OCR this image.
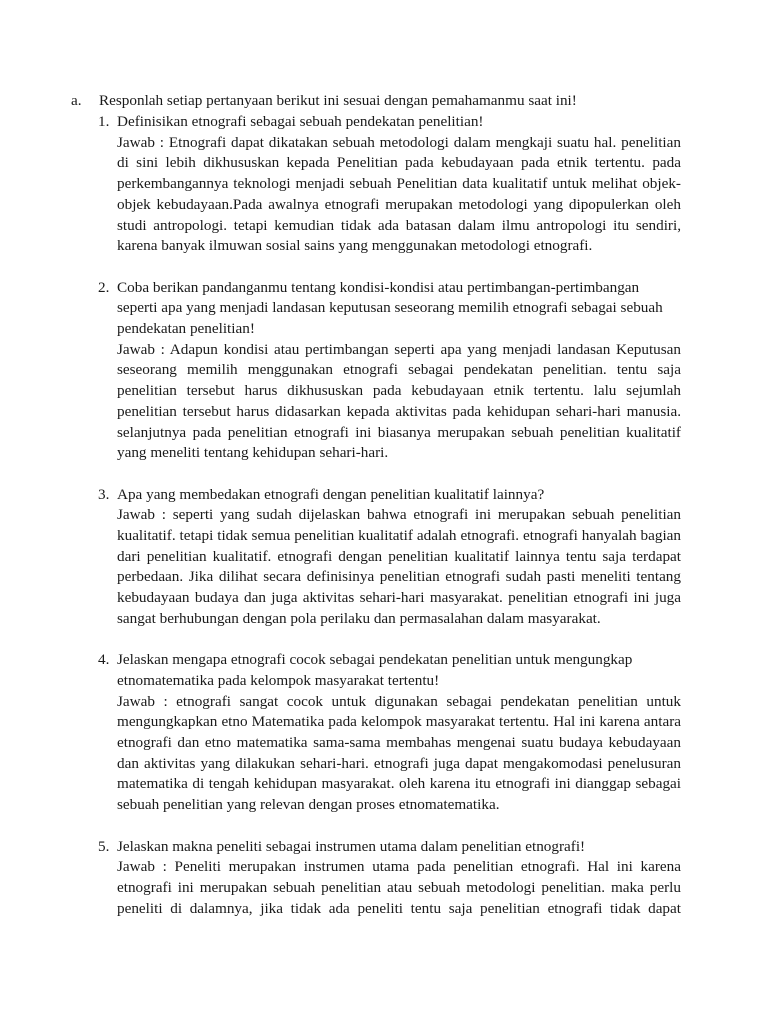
a. Responlah setiap pertanyaan berikut ini sesuai dengan pemahamanmu saat ini!
1. Definisikan etnografi sebagai sebuah pendekatan penelitian!
Jawab : Etnografi dapat dikatakan sebuah metodologi dalam mengkaji suatu hal. penelitian di sini lebih dikhususkan kepada Penelitian pada kebudayaan pada etnik tertentu. pada perkembangannya teknologi menjadi sebuah Penelitian data kualitatif untuk melihat objek-objek kebudayaan.Pada awalnya etnografi merupakan metodologi yang dipopulerkan oleh studi antropologi. tetapi kemudian tidak ada batasan dalam ilmu antropologi itu sendiri, karena banyak ilmuwan sosial sains yang menggunakan metodologi etnografi.
2. Coba berikan pandanganmu tentang kondisi-kondisi atau pertimbangan-pertimbangan seperti apa yang menjadi landasan keputusan seseorang memilih etnografi sebagai sebuah pendekatan penelitian!
Jawab : Adapun kondisi atau pertimbangan seperti apa yang menjadi landasan Keputusan seseorang memilih menggunakan etnografi sebagai pendekatan penelitian. tentu saja penelitian tersebut harus dikhususkan pada kebudayaan etnik tertentu. lalu sejumlah penelitian tersebut harus didasarkan kepada aktivitas pada kehidupan sehari-hari manusia. selanjutnya pada penelitian etnografi ini biasanya merupakan sebuah penelitian kualitatif yang meneliti tentang kehidupan sehari-hari.
3. Apa yang membedakan etnografi dengan penelitian kualitatif lainnya?
Jawab : seperti yang sudah dijelaskan bahwa etnografi ini merupakan sebuah penelitian kualitatif. tetapi tidak semua penelitian kualitatif adalah etnografi. etnografi hanyalah bagian dari penelitian kualitatif. etnografi dengan penelitian kualitatif lainnya tentu saja terdapat perbedaan. Jika dilihat secara definisinya penelitian etnografi sudah pasti meneliti tentang kebudayaan budaya dan juga aktivitas sehari-hari masyarakat. penelitian etnografi ini juga sangat berhubungan dengan pola perilaku dan permasalahan dalam masyarakat.
4. Jelaskan mengapa etnografi cocok sebagai pendekatan penelitian untuk mengungkap etnomatematika pada kelompok masyarakat tertentu!
Jawab : etnografi sangat cocok untuk digunakan sebagai pendekatan penelitian untuk mengungkapkan etno Matematika pada kelompok masyarakat tertentu. Hal ini karena antara etnografi dan etno matematika sama-sama membahas mengenai suatu budaya kebudayaan dan aktivitas yang dilakukan sehari-hari. etnografi juga dapat mengakomodasi penelusuran matematika di tengah kehidupan masyarakat. oleh karena itu etnografi ini dianggap sebagai sebuah penelitian yang relevan dengan proses etnomatematika.
5. Jelaskan makna peneliti sebagai instrumen utama dalam penelitian etnografi!
Jawab : Peneliti merupakan instrumen utama pada penelitian etnografi. Hal ini karena etnografi ini merupakan sebuah penelitian atau sebuah metodologi penelitian. maka perlu peneliti di dalamnya, jika tidak ada peneliti tentu saja penelitian etnografi tidak dapat
